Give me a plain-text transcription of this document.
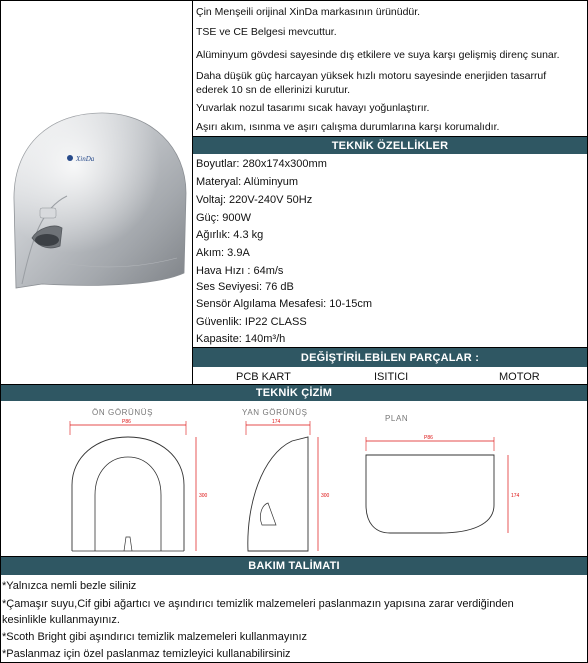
XinDa
Çin Menşeili orijinal XinDa markasının ürünüdür.
TSE ve CE Belgesi mevcuttur.
Alüminyum gövdesi sayesinde dış etkilere ve suya karşı gelişmiş direnç sunar.
Daha düşük güç harcayan yüksek hızlı motoru sayesinde enerjiden tasarruf
ederek 10 sn de ellerinizi kurutur.
Yuvarlak nozul tasarımı sıcak havayı yoğunlaştırır.
Aşırı akım, ısınma ve aşırı çalışma durumlarına karşı korumalıdır.
TEKNİK ÖZELLİKLER
Boyutlar: 280x174x300mm
Materyal: Alüminyum
Voltaj: 220V-240V 50Hz
Güç: 900W
Ağırlık: 4.3 kg
Akım: 3.9A
Hava Hızı : 64m/s
Ses Seviyesi: 76 dB
Sensör Algılama Mesafesi: 10-15cm
Güvenlik: IP22 CLASS
Kapasite: 140m³/h
DEĞİŞTİRİLEBİLEN PARÇALAR :
PCB KART	ISITICI	MOTOR
TEKNİK ÇİZİM
ÖN GÖRÜNÜŞ
P86
300
YAN GÖRÜNÜŞ
174
300
PLAN
P86
174
BAKIM TALİMATI
*Yalnızca nemli bezle siliniz
*Çamaşır suyu,Cif gibi ağartıcı ve aşındırıcı temizlik malzemeleri paslanmazın yapısına zarar verdiğinden
kesinlikle kullanmayınız.
*Scoth Bright gibi aşındırıcı temizlik malzemeleri kullanmayınız
*Paslanmaz için özel paslanmaz temizleyici kullanabilirsiniz
